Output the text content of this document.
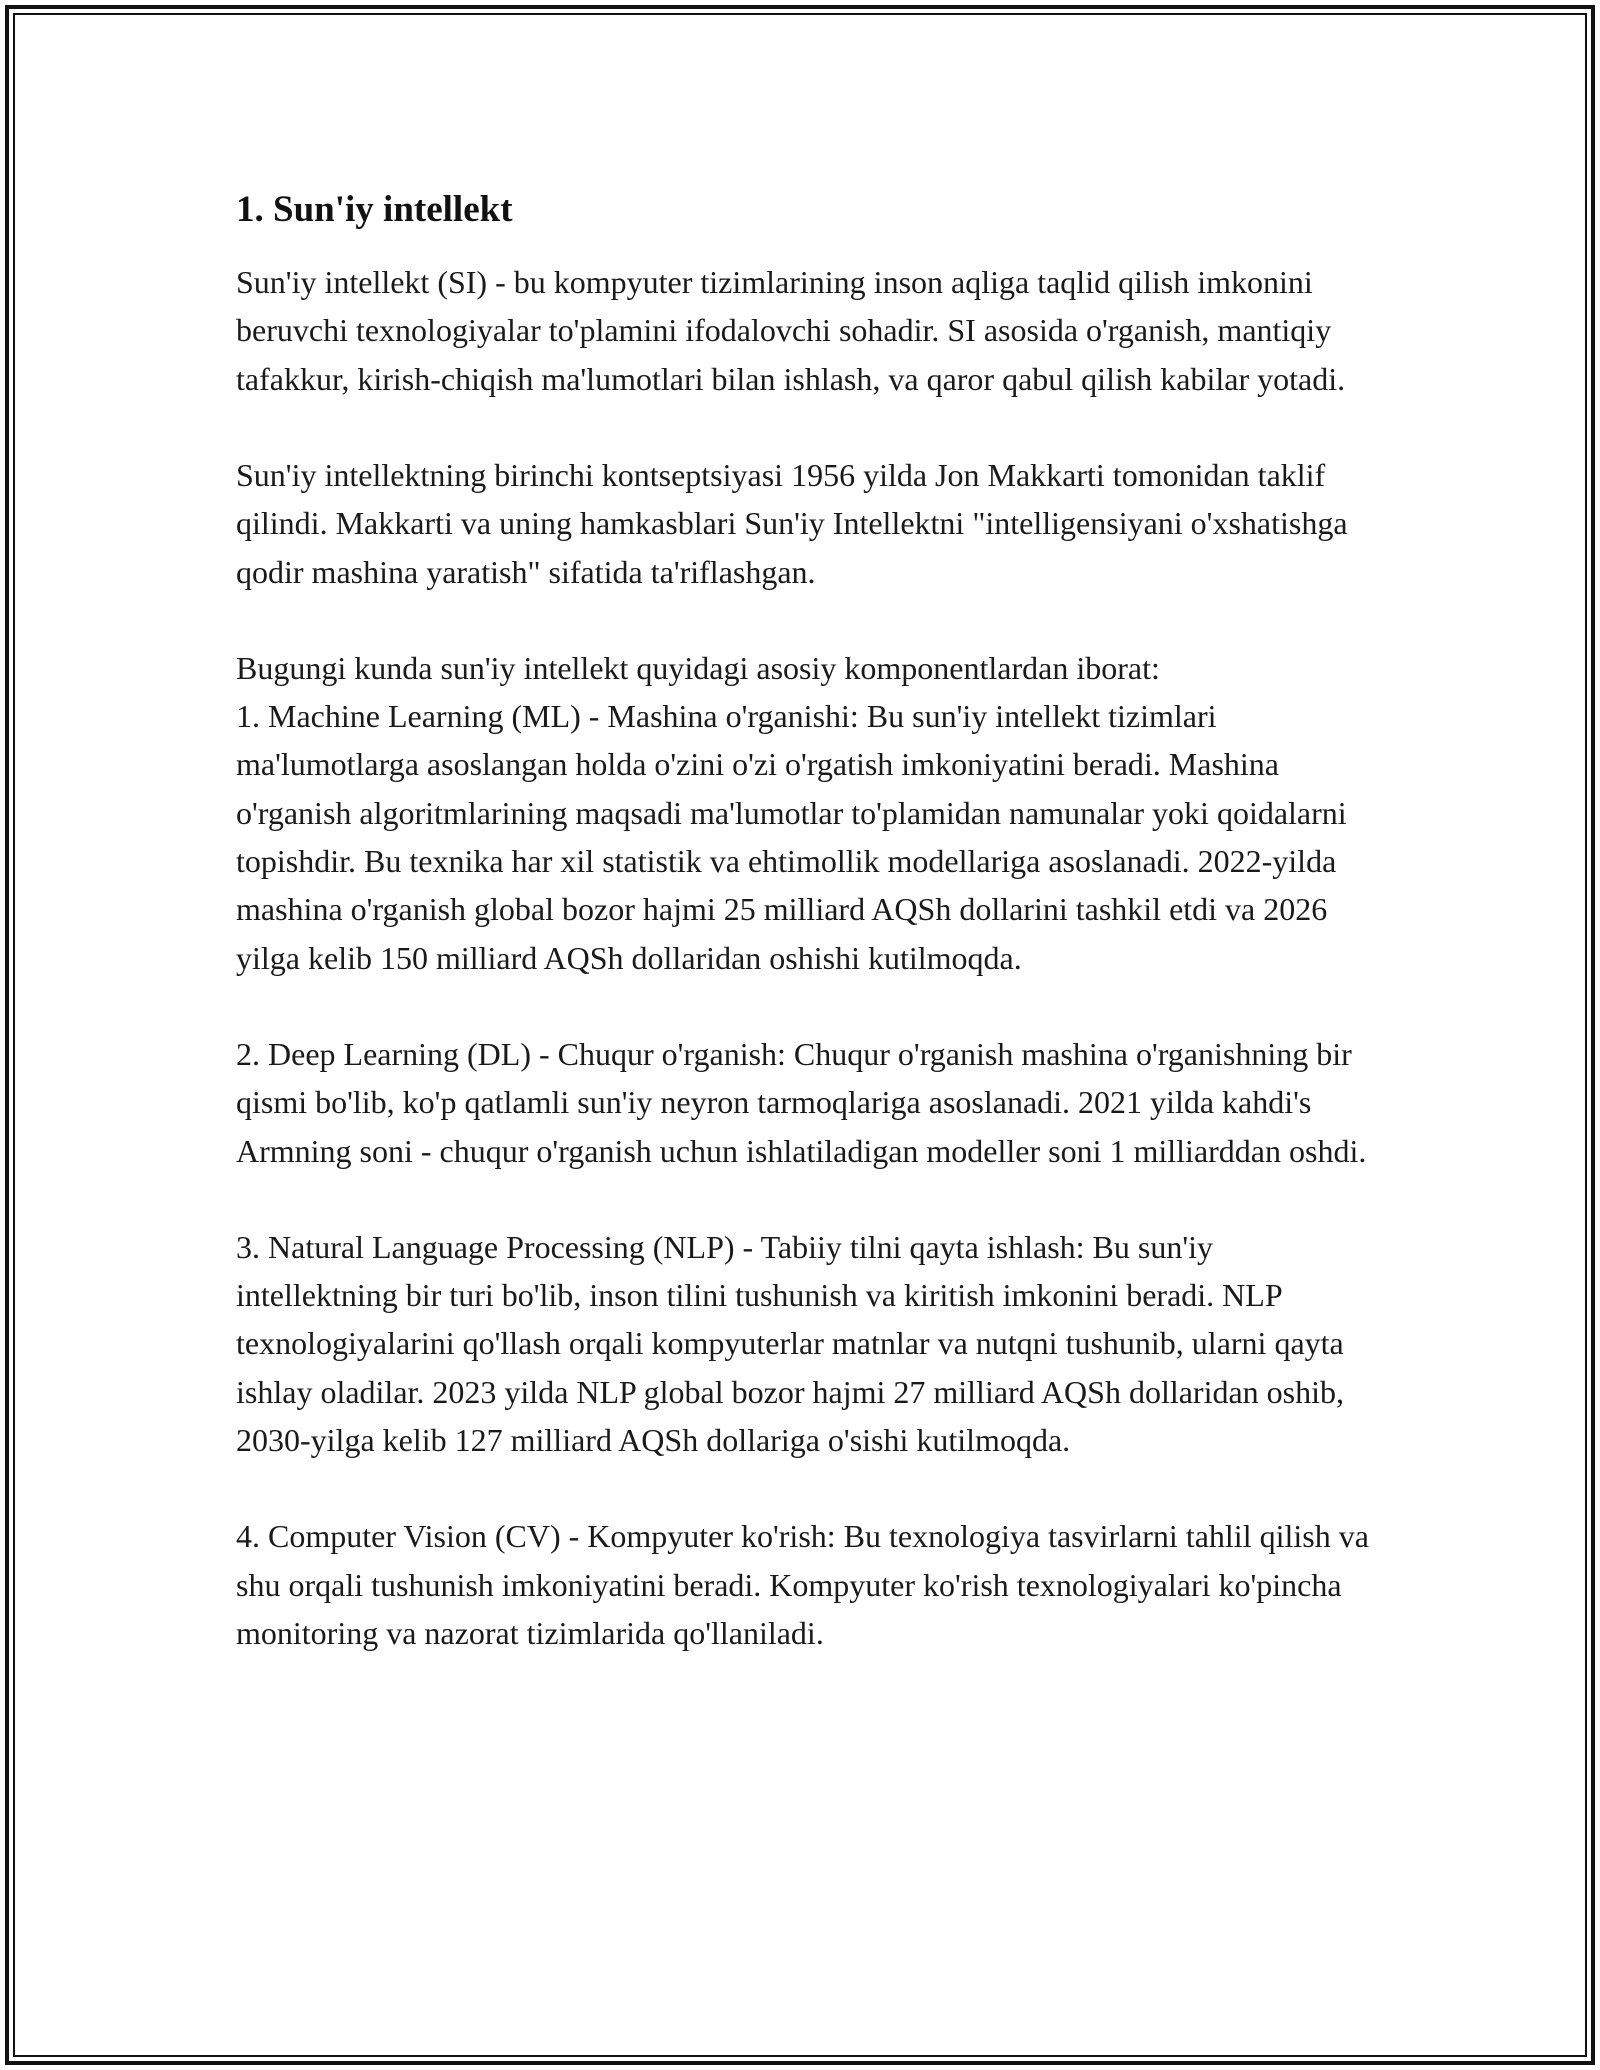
1. Sun'iy intellekt

Sun'iy intellekt (SI) - bu kompyuter tizimlarining inson aqliga taqlid qilish imkonini beruvchi texnologiyalar to'plamini ifodalovchi sohadir. SI asosida o'rganish, mantiqiy tafakkur, kirish-chiqish ma'lumotlari bilan ishlash, va qaror qabul qilish kabilar yotadi.

Sun'iy intellektning birinchi kontseptsiyasi 1956 yilda Jon Makkarti tomonidan taklif qilindi. Makkarti va uning hamkasblari Sun'iy Intellektni "intelligensiyani o'xshatishga qodir mashina yaratish" sifatida ta'riflashgan.

Bugungi kunda sun'iy intellekt quyidagi asosiy komponentlardan iborat:

1. Machine Learning (ML) - Mashina o'rganishi: Bu sun'iy intellekt tizimlari ma'lumotlarga asoslangan holda o'zini o'zi o'rgatish imkoniyatini beradi. Mashina o'rganish algoritmlarining maqsadi ma'lumotlar to'plamidan namunalar yoki qoidalarni topishdir. Bu texnika har xil statistik va ehtimollik modellariga asoslanadi. 2022-yilda mashina o'rganish global bozor hajmi 25 milliard AQSh dollarini tashkil etdi va 2026 yilga kelib 150 milliard AQSh dollaridan oshishi kutilmoqda.

2. Deep Learning (DL) - Chuqur o'rganish: Chuqur o'rganish mashina o'rganishning bir qismi bo'lib, ko'p qatlamli sun'iy neyron tarmoqlariga asoslanadi. 2021 yilda kahdi's Armning soni - chuqur o'rganish uchun ishlatiladigan modeller soni 1 milliarddan oshdi.

3. Natural Language Processing (NLP) - Tabiiy tilni qayta ishlash: Bu sun'iy intellektning bir turi bo'lib, inson tilini tushunish va kiritish imkonini beradi. NLP texnologiyalarini qo'llash orqali kompyuterlar matnlar va nutqni tushunib, ularni qayta ishlay oladilar. 2023 yilda NLP global bozor hajmi 27 milliard AQSh dollaridan oshib, 2030-yilga kelib 127 milliard AQSh dollariga o'sishi kutilmoqda.

4. Computer Vision (CV) - Kompyuter ko'rish: Bu texnologiya tasvirlarni tahlil qilish va shu orqali tushunish imkoniyatini beradi. Kompyuter ko'rish texnologiyalari ko'pincha monitoring va nazorat tizimlarida qo'llaniladi.
